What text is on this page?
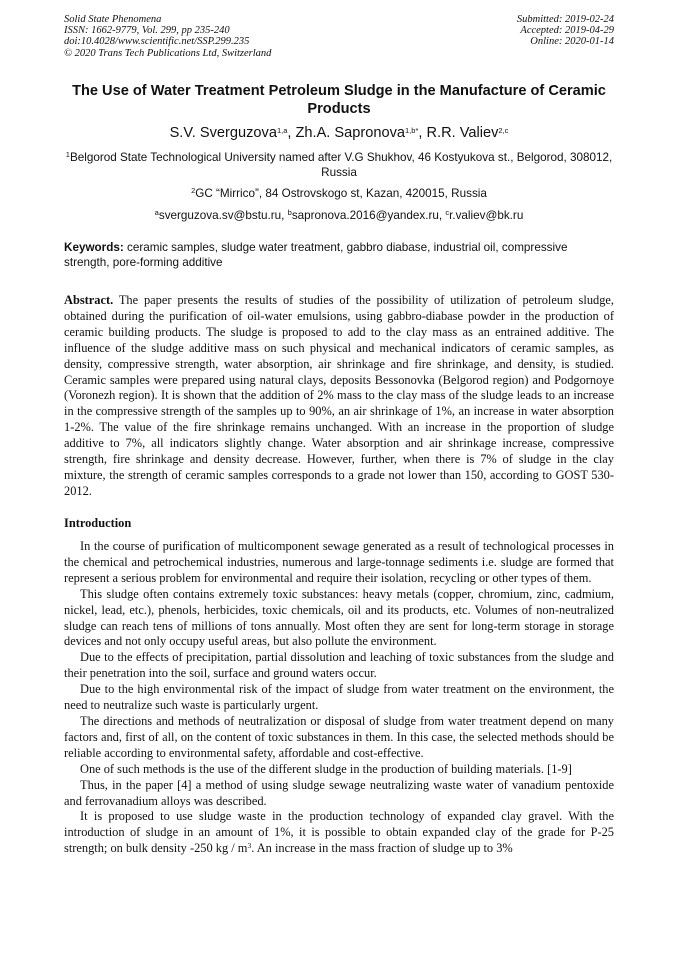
Solid State Phenomena
ISSN: 1662-9779, Vol. 299, pp 235-240
doi:10.4028/www.scientific.net/SSP.299.235
© 2020 Trans Tech Publications Ltd, Switzerland
Submitted: 2019-02-24
Accepted: 2019-04-29
Online: 2020-01-14
The Use of Water Treatment Petroleum Sludge in the Manufacture of Ceramic Products
S.V. Sverguzova$^{1,a}$, Zh.A. Sapronova$^{1,b*}$, R.R. Valiev$^{2,c}$
$^1$Belgorod State Technological University named after V.G Shukhov, 46 Kostyukova st., Belgorod, 308012, Russia
$^2$GC “Mirrico”, 84 Ostrovskogo st, Kazan, 420015, Russia
$^a$sverguzova.sv@bstu.ru, $^b$sapronova.2016@yandex.ru, $^c$r.valiev@bk.ru
Keywords: ceramic samples, sludge water treatment, gabbro diabase, industrial oil, compressive strength, pore-forming additive
Abstract. The paper presents the results of studies of the possibility of utilization of petroleum sludge, obtained during the purification of oil-water emulsions, using gabbro-diabase powder in the production of ceramic building products. The sludge is proposed to add to the clay mass as an entrained additive. The influence of the sludge additive mass on such physical and mechanical indicators of ceramic samples, as density, compressive strength, water absorption, air shrinkage and fire shrinkage, and density, is studied. Ceramic samples were prepared using natural clays, deposits Bessonovka (Belgorod region) and Podgornoye (Voronezh region). It is shown that the addition of 2% mass to the clay mass of the sludge leads to an increase in the compressive strength of the samples up to 90%, an air shrinkage of 1%, an increase in water absorption 1-2%. The value of the fire shrinkage remains unchanged. With an increase in the proportion of sludge additive to 7%, all indicators slightly change. Water absorption and air shrinkage increase, compressive strength, fire shrinkage and density decrease. However, further, when there is 7% of sludge in the clay mixture, the strength of ceramic samples corresponds to a grade not lower than 150, according to GOST 530-2012.
Introduction

In the course of purification of multicomponent sewage generated as a result of technological processes in the chemical and petrochemical industries, numerous and large-tonnage sediments i.e. sludge are formed that represent a serious problem for environmental and require their isolation, recycling or other types of them.

This sludge often contains extremely toxic substances: heavy metals (copper, chromium, zinc, cadmium, nickel, lead, etc.), phenols, herbicides, toxic chemicals, oil and its products, etc. Volumes of non-neutralized sludge can reach tens of millions of tons annually. Most often they are sent for long-term storage in storage devices and not only occupy useful areas, but also pollute the environment.

Due to the effects of precipitation, partial dissolution and leaching of toxic substances from the sludge and their penetration into the soil, surface and ground waters occur.

Due to the high environmental risk of the impact of sludge from water treatment on the environment, the need to neutralize such waste is particularly urgent.

The directions and methods of neutralization or disposal of sludge from water treatment depend on many factors and, first of all, on the content of toxic substances in them. In this case, the selected methods should be reliable according to environmental safety, affordable and cost-effective.

One of such methods is the use of the different sludge in the production of building materials. [1-9]

Thus, in the paper [4] a method of using sludge sewage neutralizing waste water of vanadium pentoxide and ferrovanadium alloys was described.

It is proposed to use sludge waste in the production technology of expanded clay gravel. With the introduction of sludge in an amount of 1%, it is possible to obtain expanded clay of the grade for P-25 strength; on bulk density -250 kg / $m^3$. An increase in the mass fraction of sludge up to 3%
